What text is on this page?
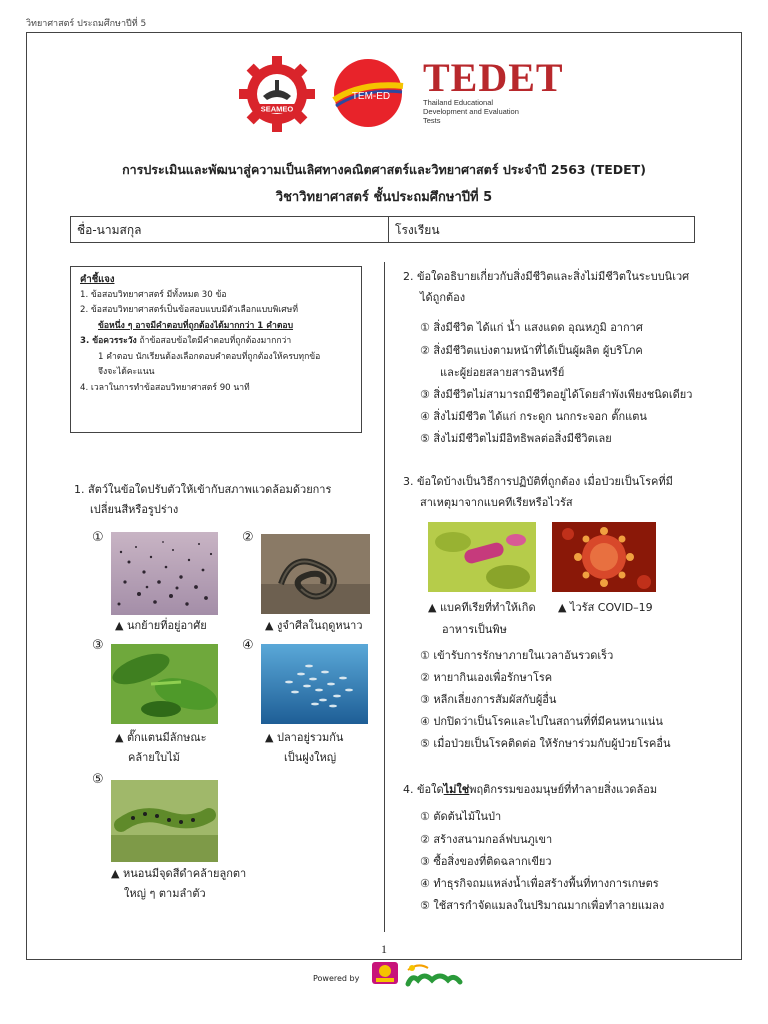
วิทยาศาสตร์ ประถมศึกษาปีที่ 5
SEAMEO
TEM-ED TEDET
Thailand Educational
Development and Evaluation Tests
การประเมินและพัฒนาสู่ความเป็นเลิศทางคณิตศาสตร์และวิทยาศาสตร์ ประจำปี 2563 (TEDET)
วิชาวิทยาศาสตร์ ชั้นประถมศึกษาปีที่ 5
ชื่อ-นามสกุล	โรงเรียน

คำชี้แจง

1. ข้อสอบวิทยาศาสตร์ มีทั้งหมด 30 ข้อ

2. ข้อสอบวิทยาศาสตร์เป็นข้อสอบแบบมีตัวเลือกแบบพิเศษที่

ข้อหนึ่ง ๆ อาจมีคำตอบที่ถูกต้องได้มากกว่า 1 คำตอบ

3. ข้อควรระวัง ถ้าข้อสอบข้อใดมีคำตอบที่ถูกต้องมากกว่า

1 คำตอบ นักเรียนต้องเลือกตอบคำตอบที่ถูกต้องให้ครบทุกข้อ

จึงจะได้คะแนน

4. เวลาในการทำข้อสอบวิทยาศาสตร์ 90 นาที

1. สัตว์ในข้อใดปรับตัวให้เข้ากับสภาพแวดล้อมด้วยการ
เปลี่ยนสีหรือรูปร่าง
①
▲ นกย้ายที่อยู่อาศัย
②
▲ งูจำศีลในฤดูหนาว
③
▲ ตั๊กแตนมีลักษณะ
คล้ายใบไม้
④
▲ ปลาอยู่รวมกัน
เป็นฝูงใหญ่
⑤
▲ หนอนมีจุดสีดำคล้ายลูกตา
ใหญ่ ๆ ตามลำตัว
2. ข้อใดอธิบายเกี่ยวกับสิ่งมีชีวิตและสิ่งไม่มีชีวิตในระบบนิเวศ
ได้ถูกต้อง
① สิ่งมีชีวิต ได้แก่ น้ำ แสงแดด อุณหภูมิ อากาศ
② สิ่งมีชีวิตแบ่งตามหน้าที่ได้เป็นผู้ผลิต ผู้บริโภค
และผู้ย่อยสลายสารอินทรีย์
③ สิ่งมีชีวิตไม่สามารถมีชีวิตอยู่ได้โดยลำพังเพียงชนิดเดียว
④ สิ่งไม่มีชีวิต ได้แก่ กระดูก นกกระจอก ตั๊กแตน
⑤ สิ่งไม่มีชีวิตไม่มีอิทธิพลต่อสิ่งมีชีวิตเลย
3. ข้อใดบ้างเป็นวิธีการปฏิบัติที่ถูกต้อง เมื่อป่วยเป็นโรคที่มี
สาเหตุมาจากแบคทีเรียหรือไวรัส
▲ แบคทีเรียที่ทำให้เกิด
อาหารเป็นพิษ
▲ ไวรัส COVID–19
① เข้ารับการรักษาภายในเวลาอันรวดเร็ว
② หายากินเองเพื่อรักษาโรค
③ หลีกเลี่ยงการสัมผัสกับผู้อื่น
④ ปกปิดว่าเป็นโรคและไปในสถานที่ที่มีคนหนาแน่น
⑤ เมื่อป่วยเป็นโรคติดต่อ ให้รักษาร่วมกับผู้ป่วยโรคอื่น
4. ข้อใดไม่ใช่พฤติกรรมของมนุษย์ที่ทำลายสิ่งแวดล้อม
① ตัดต้นไม้ในป่า
② สร้างสนามกอล์ฟบนภูเขา
③ ซื้อสิ่งของที่ติดฉลากเขียว
④ ทำธุรกิจถมแหล่งน้ำเพื่อสร้างพื้นที่ทางการเกษตร
⑤ ใช้สารกำจัดแมลงในปริมาณมากเพื่อทำลายแมลง
1
Powered by
